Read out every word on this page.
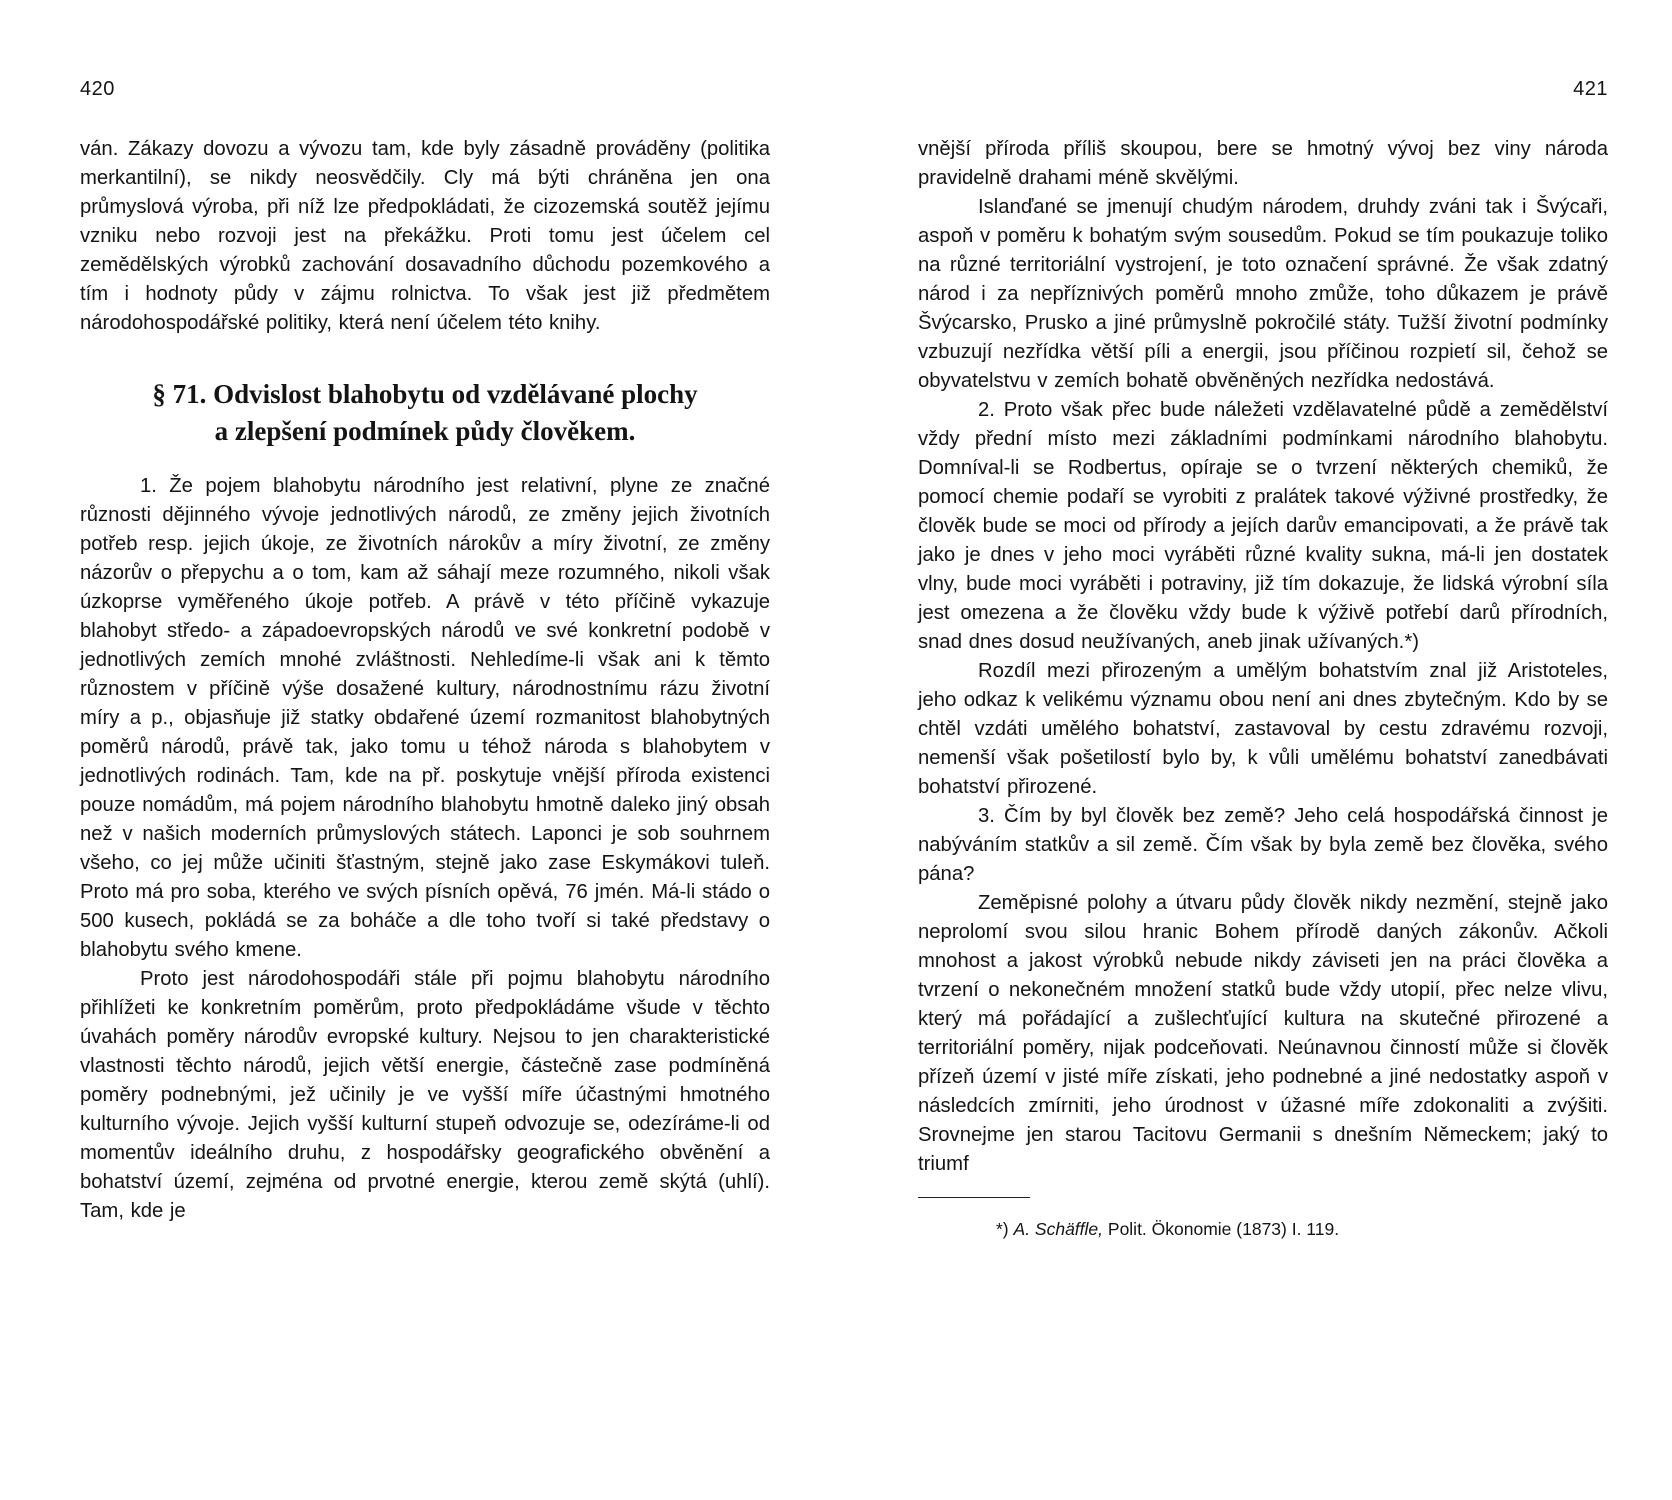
420

ván. Zákazy dovozu a vývozu tam, kde byly zásadně prováděny (politika merkantilní), se nikdy neosvědčily. Cly má býti chráněna jen ona průmyslová výroba, při níž lze předpokládati, že cizozemská soutěž jejímu vzniku nebo rozvoji jest na překážku. Proti tomu jest účelem cel zemědělských výrobků zachování dosavadního důchodu pozemkového a tím i hodnoty půdy v zájmu rolnictva. To však jest již předmětem národohospodářské politiky, která není účelem této knihy.

§ 71. Odvislost blahobytu od vzdělávané plochy
a zlepšení podmínek půdy člověkem.

1. Že pojem blahobytu národního jest relativní, plyne ze značné různosti dějinného vývoje jednotlivých národů, ze změny jejich životních potřeb resp. jejich úkoje, ze životních nárokův a míry životní, ze změny názorův o přepychu a o tom, kam až sáhají meze rozumného, nikoli však úzkoprse vyměřeného úkoje potřeb. A právě v této příčině vykazuje blahobyt středo- a západoevropských národů ve své konkretní podobě v jednotlivých zemích mnohé zvláštnosti. Nehledíme-li však ani k těmto různostem v příčině výše dosažené kultury, národnostnímu rázu životní míry a p., objasňuje již statky obdařené území rozmanitost blahobytných poměrů národů, právě tak, jako tomu u téhož národa s blahobytem v jednotlivých rodinách. Tam, kde na př. poskytuje vnější příroda existenci pouze nomádům, má pojem národního blahobytu hmotně daleko jiný obsah než v našich moderních průmyslových státech. Laponci je sob souhrnem všeho, co jej může učiniti šťastným, stejně jako zase Eskymákovi tuleň. Proto má pro soba, kterého ve svých písních opěvá, 76 jmén. Má-li stádo o 500 kusech, pokládá se za boháče a dle toho tvoří si také představy o blahobytu svého kmene.

Proto jest národohospodáři stále při pojmu blahobytu národního přihlížeti ke konkretním poměrům, proto předpokládáme všude v těchto úvahách poměry národův evropské kultury. Nejsou to jen charakteristické vlastnosti těchto národů, jejich větší energie, částečně zase podmíněná poměry podnebnými, jež učinily je ve vyšší míře účastnými hmotného kulturního vývoje. Jejich vyšší kulturní stupeň odvozuje se, odezíráme-li od momentův ideálního druhu, z hospodářsky geografického obvěnění a bohatství území, zejména od prvotné energie, kterou země skýtá (uhlí). Tam, kde je

421

vnější příroda příliš skoupou, bere se hmotný vývoj bez viny národa pravidelně drahami méně skvělými.

Islanďané se jmenují chudým národem, druhdy zváni tak i Švýcaři, aspoň v poměru k bohatým svým sousedům. Pokud se tím poukazuje toliko na různé territoriální vystrojení, je toto označení správné. Že však zdatný národ i za nepříznivých poměrů mnoho zmůže, toho důkazem je právě Švýcarsko, Prusko a jiné průmyslně pokročilé státy. Tužší životní podmínky vzbuzují nezřídka větší píli a energii, jsou příčinou rozpietí sil, čehož se obyvatelstvu v zemích bohatě obvěněných nezřídka nedostává.

2. Proto však přec bude náležeti vzdělavatelné půdě a zemědělství vždy přední místo mezi základními podmínkami národního blahobytu. Domníval-li se Rodbertus, opíraje se o tvrzení některých chemiků, že pomocí chemie podaří se vyrobiti z pralátek takové výživné prostředky, že člověk bude se moci od přírody a jejích darův emancipovati, a že právě tak jako je dnes v jeho moci vyráběti různé kvality sukna, má-li jen dostatek vlny, bude moci vyráběti i potraviny, již tím dokazuje, že lidská výrobní síla jest omezena a že člověku vždy bude k výživě potřebí darů přírodních, snad dnes dosud neužívaných, aneb jinak užívaných.*)

Rozdíl mezi přirozeným a umělým bohatstvím znal již Aristoteles, jeho odkaz k velikému významu obou není ani dnes zbytečným. Kdo by se chtěl vzdáti umělého bohatství, zastavoval by cestu zdravému rozvoji, nemenší však pošetilostí bylo by, k vůli umělému bohatství zanedbávati bohatství přirozené.

3. Čím by byl člověk bez země? Jeho celá hospodářská činnost je nabýváním statkův a sil země. Čím však by byla země bez člověka, svého pána?

Zeměpisné polohy a útvaru půdy člověk nikdy nezmění, stejně jako neprolomí svou silou hranic Bohem přírodě daných zákonův. Ačkoli mnohost a jakost výrobků nebude nikdy záviseti jen na práci člověka a tvrzení o nekonečném množení statků bude vždy utopií, přec nelze vlivu, který má pořádající a zušlechťující kultura na skutečné přirozené a territoriální poměry, nijak podceňovati. Neúnavnou činností může si člověk přízeň území v jisté míře získati, jeho podnebné a jiné nedostatky aspoň v následcích zmírniti, jeho úrodnost v úžasné míře zdokonaliti a zvýšiti. Srovnejme jen starou Tacitovu Germanii s dnešním Německem; jaký to triumf

*) A. Schäffle, Polit. Ökonomie (1873) I. 119.
